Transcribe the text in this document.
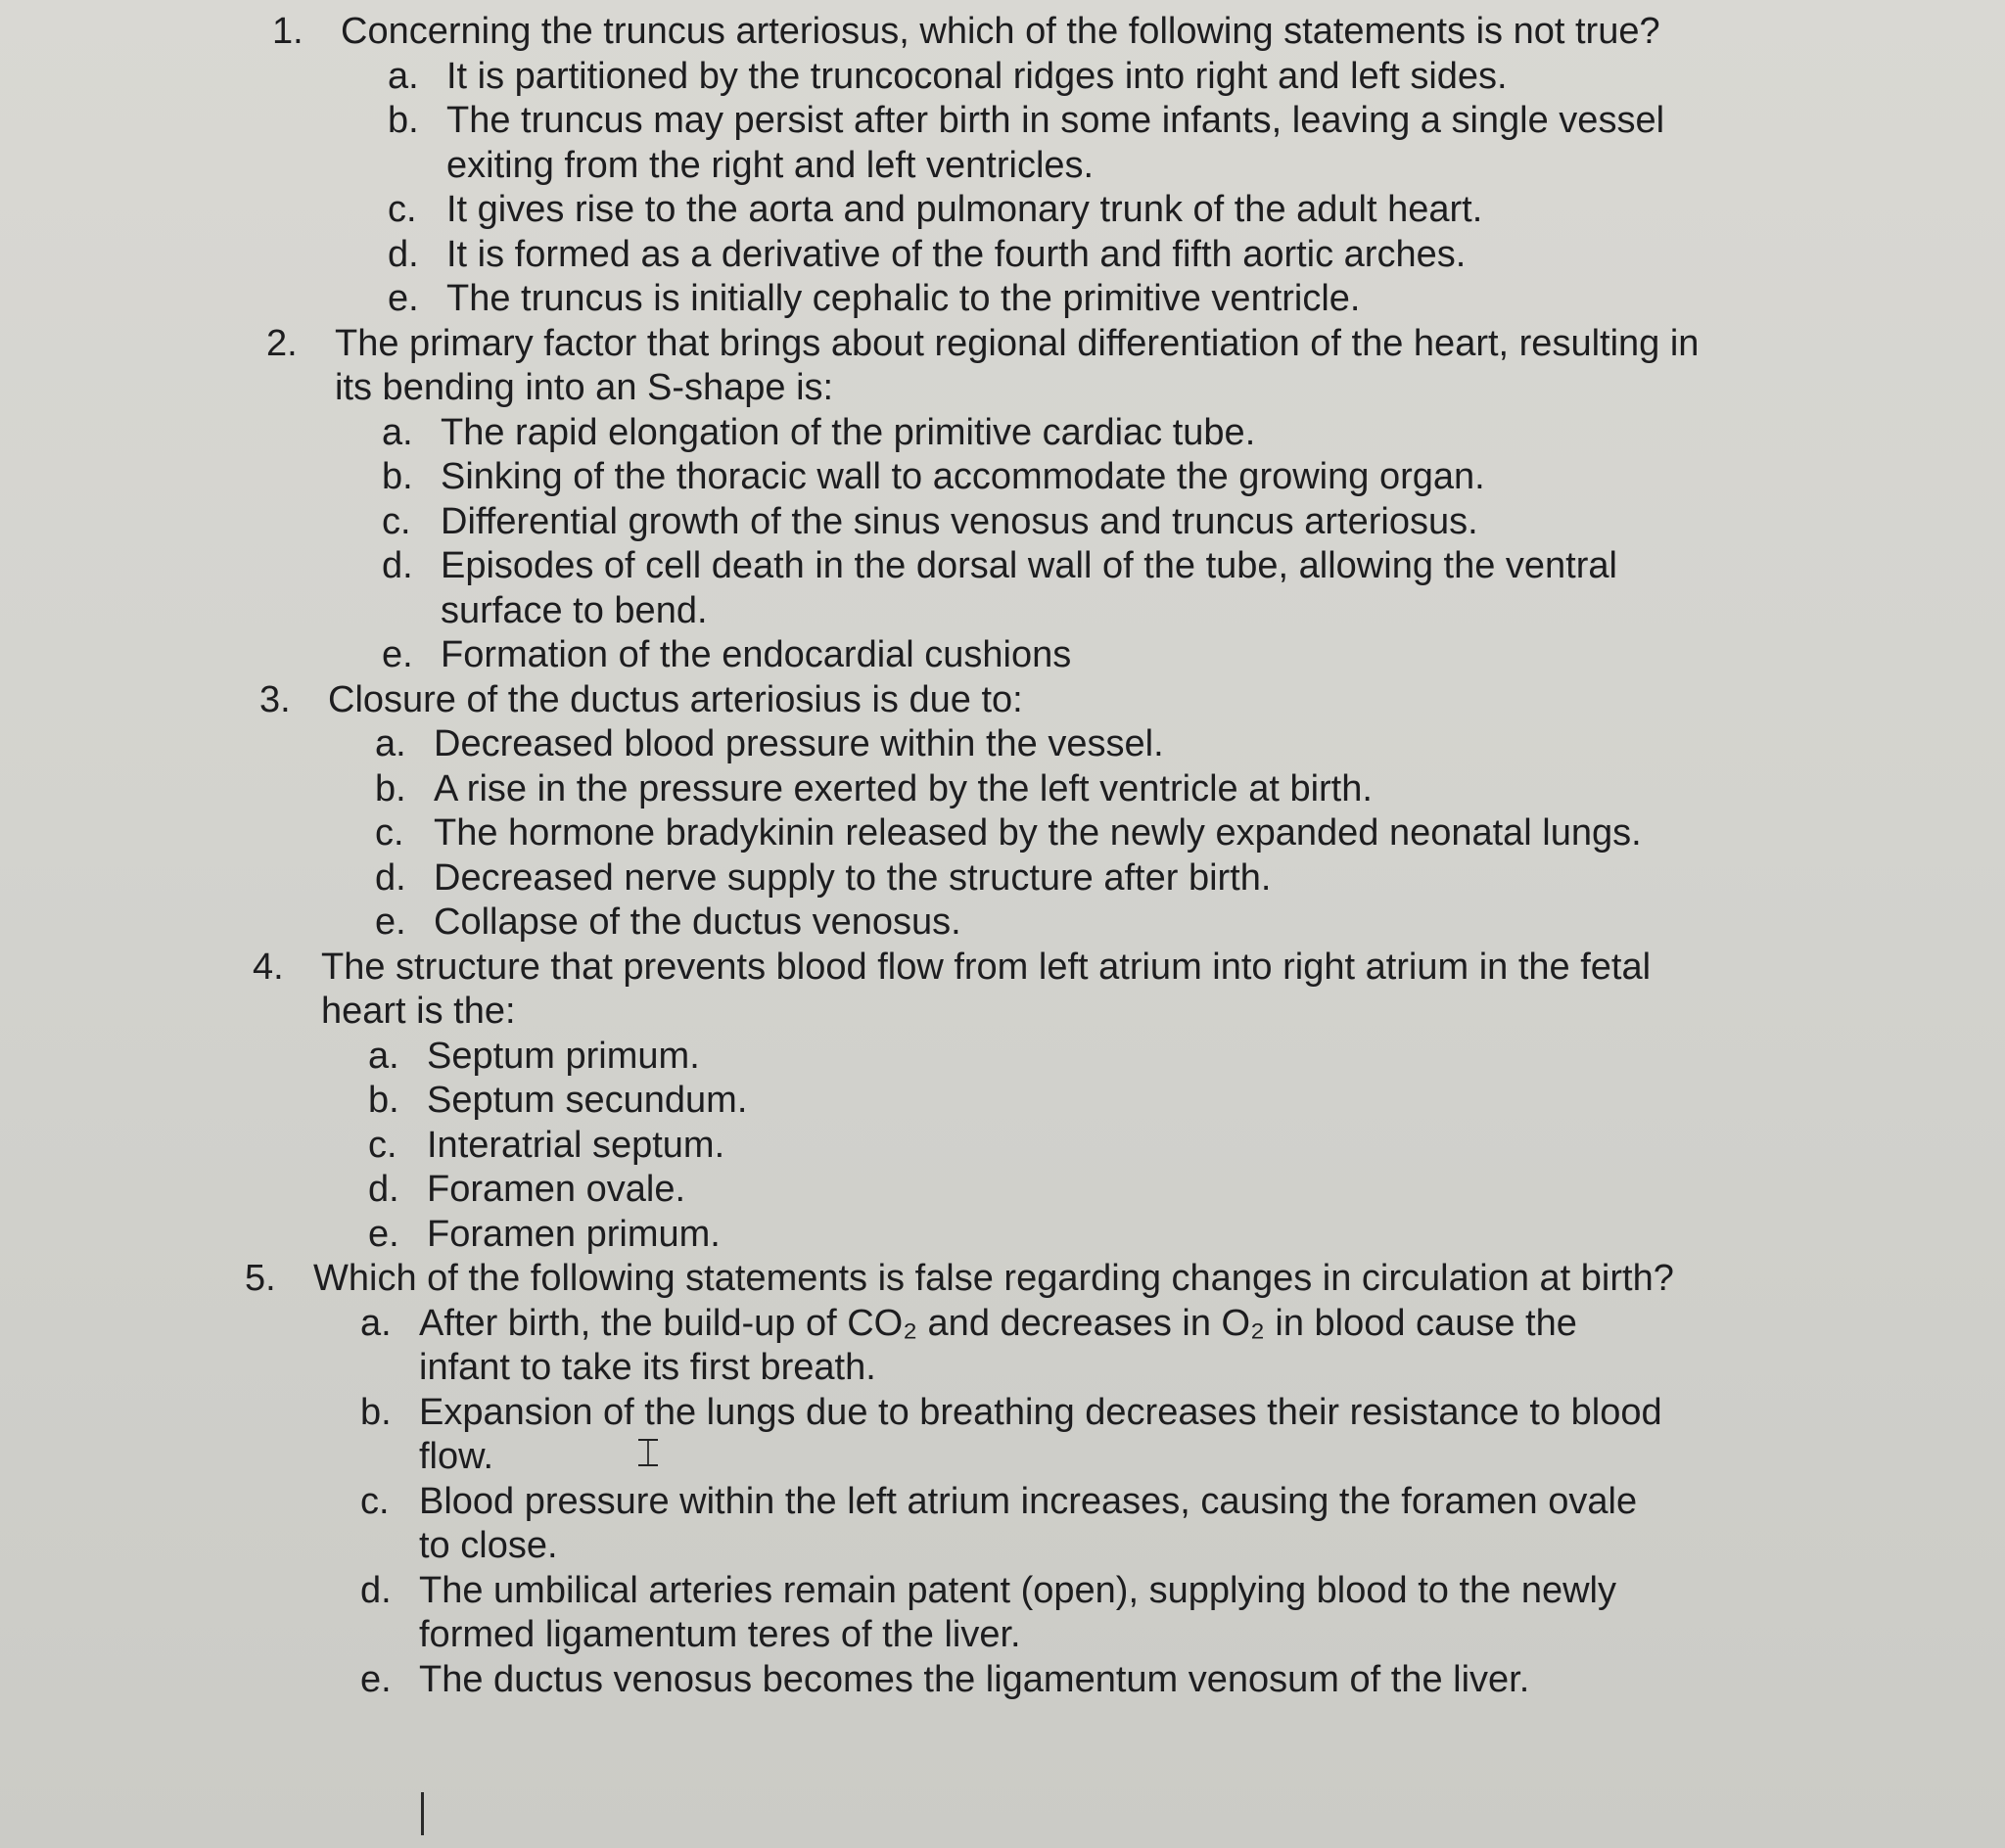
1. Concerning the truncus arteriosus, which of the following statements is not true?
a. It is partitioned by the truncoconal ridges into right and left sides.
b. The truncus may persist after birth in some infants, leaving a single vessel exiting from the right and left ventricles.
c. It gives rise to the aorta and pulmonary trunk of the adult heart.
d. It is formed as a derivative of the fourth and fifth aortic arches.
e. The truncus is initially cephalic to the primitive ventricle.
2. The primary factor that brings about regional differentiation of the heart, resulting in its bending into an S-shape is:
a. The rapid elongation of the primitive cardiac tube.
b. Sinking of the thoracic wall to accommodate the growing organ.
c. Differential growth of the sinus venosus and truncus arteriosus.
d. Episodes of cell death in the dorsal wall of the tube, allowing the ventral surface to bend.
e. Formation of the endocardial cushions
3. Closure of the ductus arteriosius is due to:
a. Decreased blood pressure within the vessel.
b. A rise in the pressure exerted by the left ventricle at birth.
c. The hormone bradykinin released by the newly expanded neonatal lungs.
d. Decreased nerve supply to the structure after birth.
e. Collapse of the ductus venosus.
4. The structure that prevents blood flow from left atrium into right atrium in the fetal heart is the:
a. Septum primum.
b. Septum secundum.
c. Interatrial septum.
d. Foramen ovale.
e. Foramen primum.
5. Which of the following statements is false regarding changes in circulation at birth?
a. After birth, the build-up of CO₂ and decreases in O₂ in blood cause the infant to take its first breath.
b. Expansion of the lungs due to breathing decreases their resistance to blood flow.
c. Blood pressure within the left atrium increases, causing the foramen ovale to close.
d. The umbilical arteries remain patent (open), supplying blood to the newly formed ligamentum teres of the liver.
e. The ductus venosus becomes the ligamentum venosum of the liver.
⌶
